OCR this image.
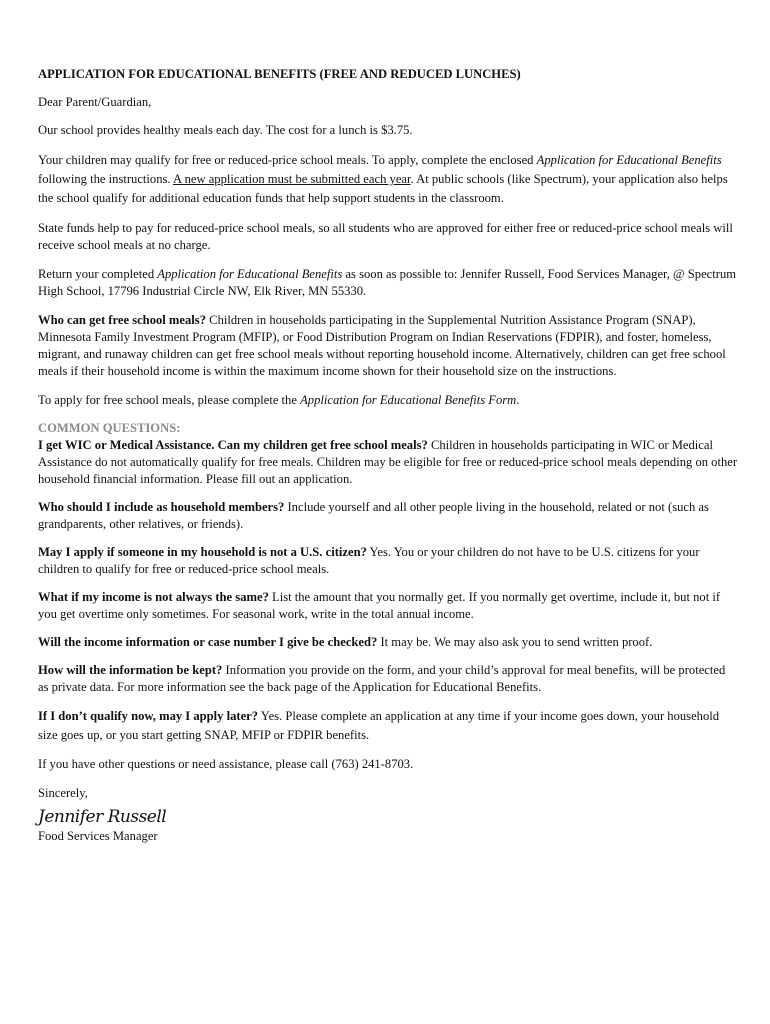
APPLICATION FOR EDUCATIONAL BENEFITS (FREE AND REDUCED LUNCHES)

Dear Parent/Guardian,

Our school provides healthy meals each day. The cost for a lunch is $3.75.

Your children may qualify for free or reduced-price school meals. To apply, complete the enclosed Application for Educational Benefits following the instructions. A new application must be submitted each year. At public schools (like Spectrum), your application also helps the school qualify for additional education funds that help support students in the classroom.

State funds help to pay for reduced-price school meals, so all students who are approved for either free or reduced-price school meals will receive school meals at no charge.

Return your completed Application for Educational Benefits as soon as possible to: Jennifer Russell, Food Services Manager, @ Spectrum High School, 17796 Industrial Circle NW, Elk River, MN 55330.

Who can get free school meals? Children in households participating in the Supplemental Nutrition Assistance Program (SNAP), Minnesota Family Investment Program (MFIP), or Food Distribution Program on Indian Reservations (FDPIR), and foster, homeless, migrant, and runaway children can get free school meals without reporting household income. Alternatively, children can get free school meals if their household income is within the maximum income shown for their household size on the instructions.

To apply for free school meals, please complete the Application for Educational Benefits Form.

COMMON QUESTIONS:

I get WIC or Medical Assistance. Can my children get free school meals? Children in households participating in WIC or Medical Assistance do not automatically qualify for free meals. Children may be eligible for free or reduced-price school meals depending on other household financial information. Please fill out an application.

Who should I include as household members? Include yourself and all other people living in the household, related or not (such as grandparents, other relatives, or friends).

May I apply if someone in my household is not a U.S. citizen? Yes. You or your children do not have to be U.S. citizens for your children to qualify for free or reduced-price school meals.

What if my income is not always the same? List the amount that you normally get. If you normally get overtime, include it, but not if you get overtime only sometimes. For seasonal work, write in the total annual income.

Will the income information or case number I give be checked? It may be. We may also ask you to send written proof.

How will the information be kept? Information you provide on the form, and your child’s approval for meal benefits, will be protected as private data. For more information see the back page of the Application for Educational Benefits.

If I don’t qualify now, may I apply later? Yes. Please complete an application at any time if your income goes down, your household size goes up, or you start getting SNAP, MFIP or FDPIR benefits.

If you have other questions or need assistance, please call (763) 241-8703.

Sincerely,

Jennifer Russell

Food Services Manager
